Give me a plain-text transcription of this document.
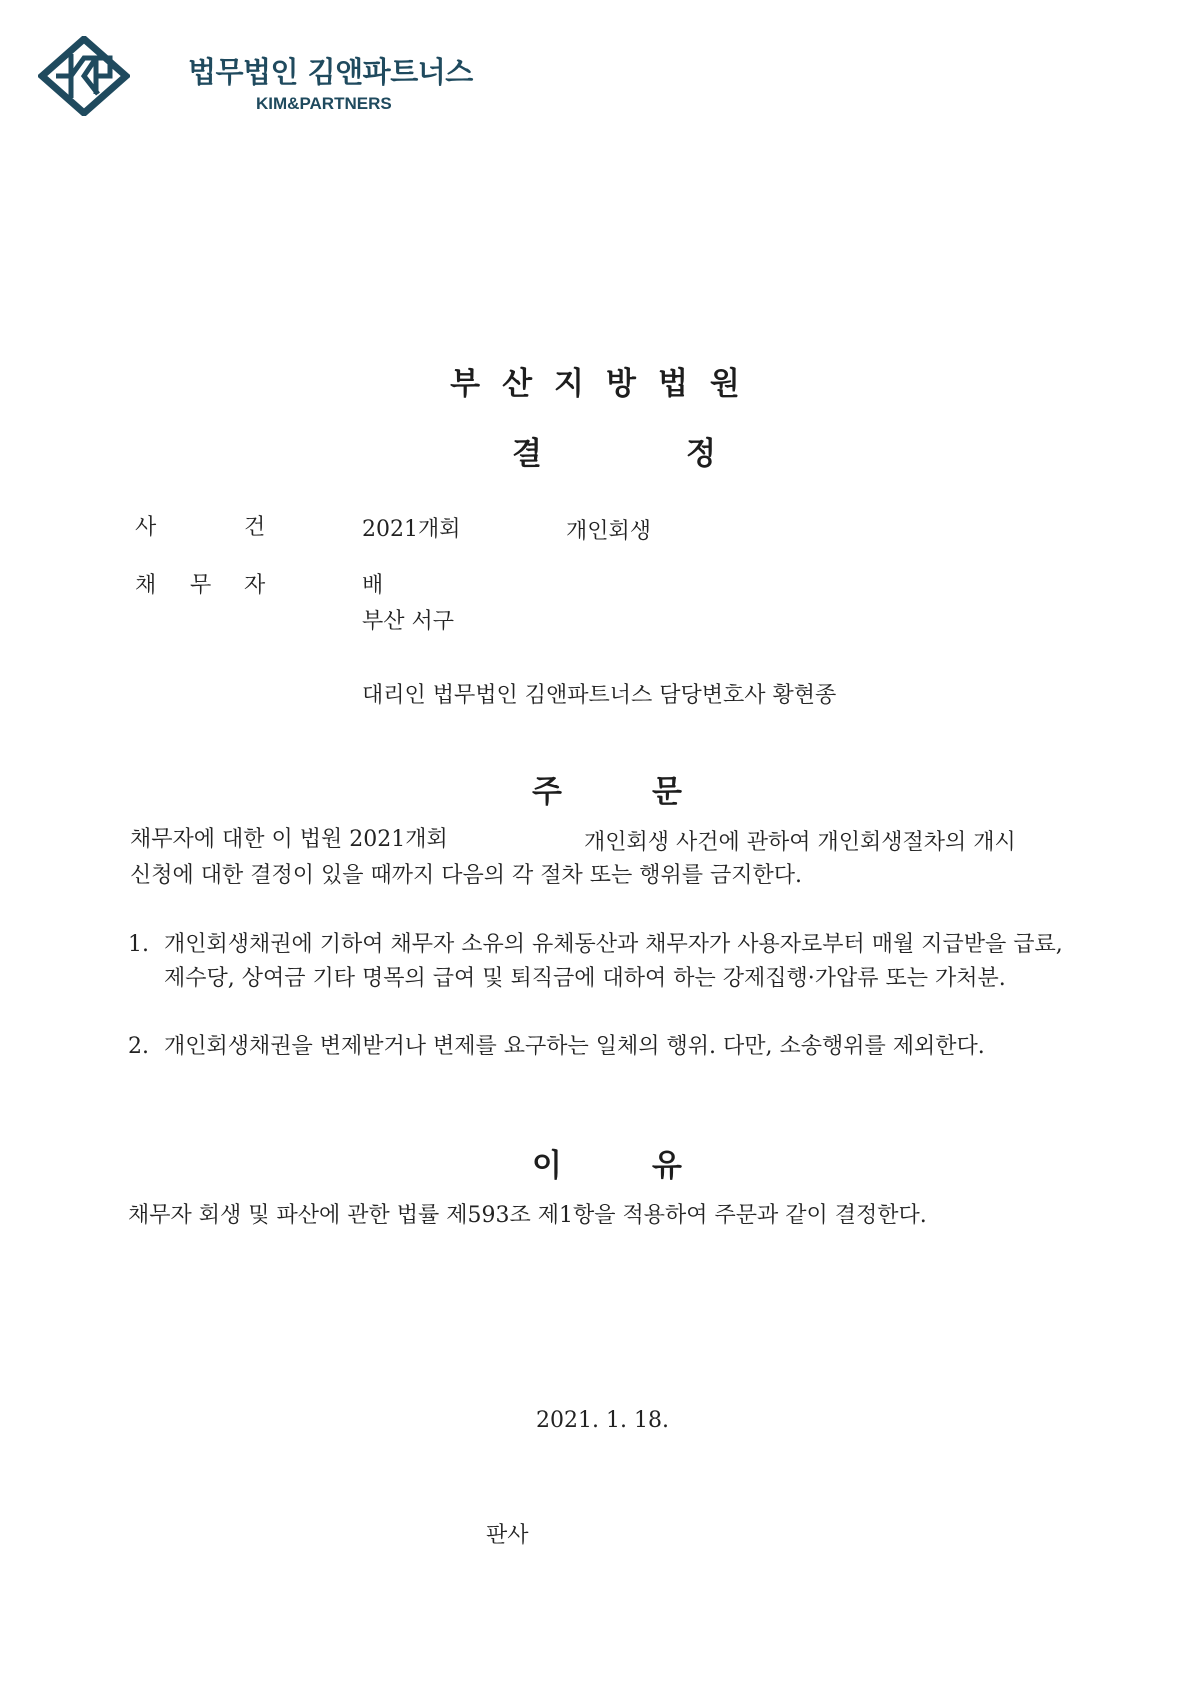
법무법인 김앤파트너스
KIM&PARTNERS
부 산 지 방 법 원
결	정
사	건	2021개회	개인회생
채 무 자	배
부산 서구
대리인 법무법인 김앤파트너스 담당변호사 황현종
주	문
채무자에 대한 이 법원 2021개회	개인회생 사건에 관하여 개인회생절차의 개시
신청에 대한 결정이 있을 때까지 다음의 각 절차 또는 행위를 금지한다.
1. 개인회생채권에 기하여 채무자 소유의 유체동산과 채무자가 사용자로부터 매월 지급받을 급료, 제수당, 상여금 기타 명목의 급여 및 퇴직금에 대하여 하는 강제집행·가압류 또는 가처분.
2. 개인회생채권을 변제받거나 변제를 요구하는 일체의 행위. 다만, 소송행위를 제외한다.
이	유
채무자 회생 및 파산에 관한 법률 제593조 제1항을 적용하여 주문과 같이 결정한다.
2021. 1. 18.
판사
